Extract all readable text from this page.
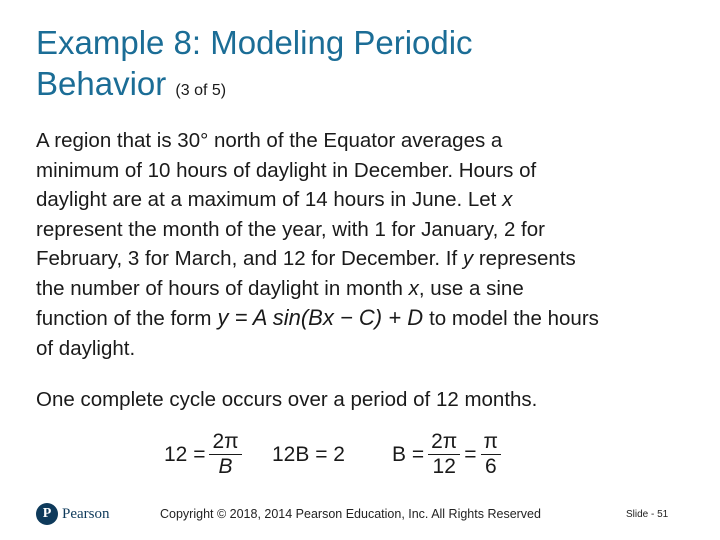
Example 8: Modeling Periodic
Behavior (3 of 5)
A region that is 30° north of the Equator averages a
minimum of 10 hours of daylight in December. Hours of
daylight are at a maximum of 14 hours in June. Let x
represent the month of the year, with 1 for January, 2 for
February, 3 for March, and 12 for December. If y represents
the number of hours of daylight in month x, use a sine
function of the form y = A sin(Bx − C) + D to model the hours
of daylight.
One complete cycle occurs over a period of 12 months.
$12 = \frac{2\pi}{B} 12B = 2$ $B = \frac{2\pi}{12} = \frac{\pi}{6}$
P Pearson	Copyright © 2018, 2014 Pearson Education, Inc. All Rights Reserved	Slide - 51
